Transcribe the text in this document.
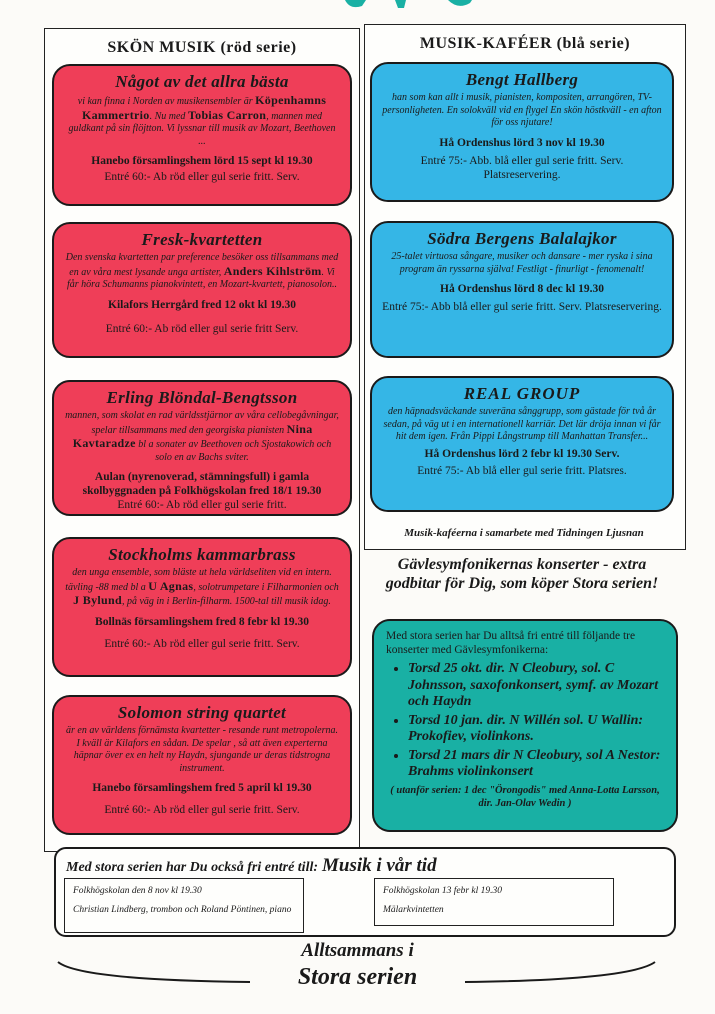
SKÖN MUSIK (röd serie)
Något av det allra bästa
vi kan finna i Norden av musikensembler är Köpenhamns Kammertrio. Nu med Tobias Carron, mannen med guldkant på sin flöjtton. Vi lyssnar till musik av Mozart, Beethoven ...
Hanebo församlingshem lörd 15 sept kl 19.30
Entré 60:- Ab röd eller gul serie fritt. Serv.
Fresk-kvartetten
Den svenska kvartetten par preference besöker oss tillsammans med en av våra mest lysande unga artister, Anders Kihlström. Vi får höra Schumanns pianokvintett, en Mozart-kvartett, pianosolon..
Kilafors Herrgård fred 12 okt kl 19.30
Entré 60:- Ab röd eller gul serie fritt Serv.
Erling Blöndal-Bengtsson
mannen, som skolat en rad världsstjärnor av våra cellobegåvningar, spelar tillsammans med den georgiska pianisten Nina Kavtaradze bl a sonater av Beethoven och Sjostakowich och solo en av Bachs sviter.
Aulan (nyrenoverad, stämningsfull) i gamla skolbyggnaden på Folkhögskolan fred 18/1 19.30
Entré 60:- Ab röd eller gul serie fritt.
Stockholms kammarbrass
den unga ensemble, som bläste ut hela världseliten vid en intern. tävling -88 med bl a U Agnas, solotrumpetare i Filharmonien och J Bylund, på väg in i Berlin-filharm. 1500-tal till musik idag.
Bollnäs församlingshem fred 8 febr kl 19.30
Entré 60:- Ab röd eller gul serie fritt. Serv.
Solomon string quartet
är en av världens förnämsta kvartetter - resande runt metropolerna. I kväll är Kilafors en sådan. De spelar , så att även experterna häpnar över ex en helt ny Haydn, sjungande ur deras tidstrogna instrument.
Hanebo församlingshem fred 5 april kl 19.30
Entré 60:- Ab röd eller gul serie fritt. Serv.
MUSIK-KAFÉER (blå serie)
Bengt Hallberg
han som kan allt i musik, pianisten, kompositen, arrangören, TV- personligheten. En solokväll vid en flygel En skön höstkväll - en afton för oss njutare!
Hå Ordenshus lörd 3 nov kl 19.30
Entré 75:- Abb. blå eller gul serie fritt. Serv. Platsreservering.
Södra Bergens Balalajkor
25-talet virtuosa sångare, musiker och dansare - mer ryska i sina program än ryssarna själva! Festligt - finurligt - fenomenalt!
Hå Ordenshus lörd 8 dec kl 19.30
Entré 75:- Abb blå eller gul serie fritt. Serv. Platsreservering.
REAL GROUP
den häpnadsväckande suveräna sånggrupp, som gästade för två år sedan, på väg ut i en internationell karriär. Det lär dröja innan vi får hit dem igen. Från Pippi Långstrump till Manhattan Transfer...
Hå Ordenshus lörd 2 febr kl 19.30 Serv.
Entré 75:- Ab blå eller gul serie fritt. Platsres.
Musik-kaféerna i samarbete med Tidningen Ljusnan
Gävlesymfonikernas konserter - extra godbitar för Dig, som köper Stora serien!
Med stora serien har Du alltså fri entré till följande tre konserter med Gävlesymfonikerna:
• Torsd 25 okt. dir. N Cleobury, sol. C Johnsson, saxofonkonsert, symf. av Mozart och Haydn
• Torsd 10 jan. dir. N Willén sol. U Wallin: Prokofiev, violinkons.
• Torsd 21 mars dir N Cleobury, sol A Nestor: Brahms violinkonsert
( utanför serien: 1 dec "Örongodis" med Anna-Lotta Larsson, dir. Jan-Olav Wedin )
Med stora serien har Du också fri entré till: Musik i vår tid
Folkhögskolan den 8 nov kl 19.30
Christian Lindberg, trombon och Roland Pöntinen, piano
Folkhögskolan 13 febr kl 19.30
Mälarkvintetten
Alltsammans i
Stora serien
